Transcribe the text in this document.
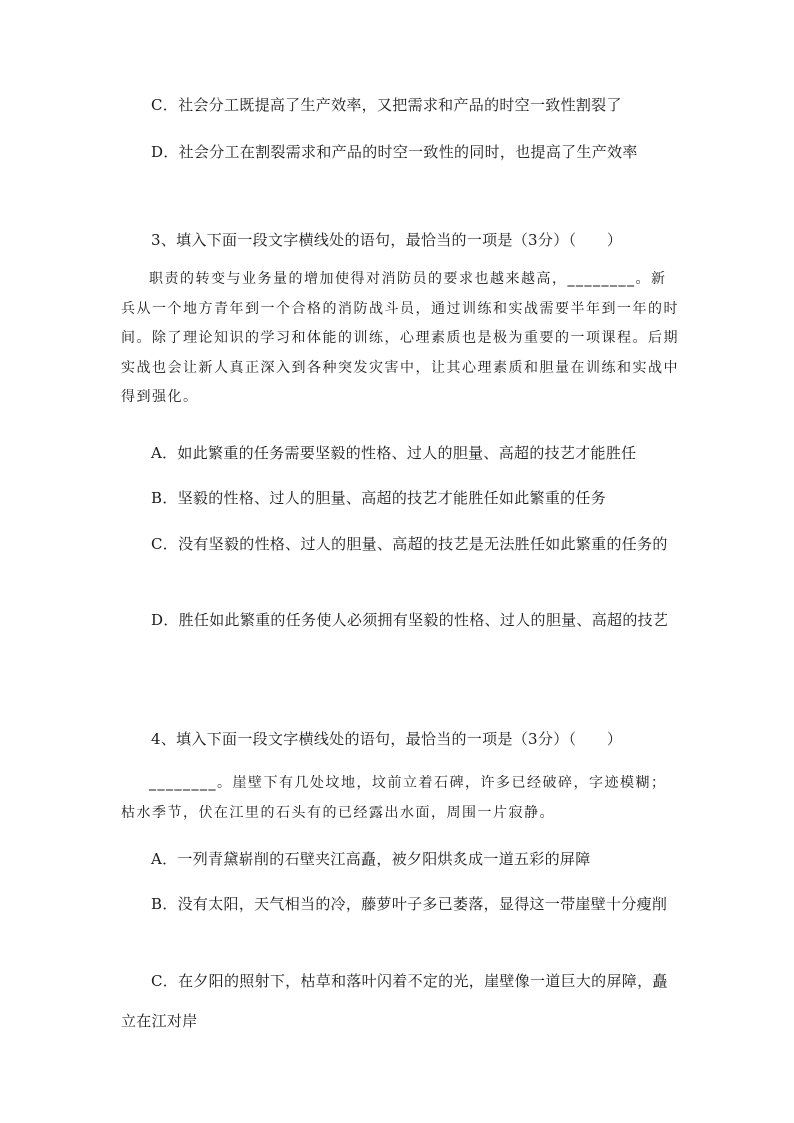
C．社会分工既提高了生产效率，又把需求和产品的时空一致性割裂了
D．社会分工在割裂需求和产品的时空一致性的同时，也提高了生产效率
3、填入下面一段文字横线处的语句，最恰当的一项是（3分）（　　）
职责的转变与业务量的增加使得对消防员的要求也越来越高，________。新兵从一个地方青年到一个合格的消防战斗员，通过训练和实战需要半年到一年的时间。除了理论知识的学习和体能的训练，心理素质也是极为重要的一项课程。后期实战也会让新人真正深入到各种突发灾害中，让其心理素质和胆量在训练和实战中得到强化。
A．如此繁重的任务需要坚毅的性格、过人的胆量、高超的技艺才能胜任
B．坚毅的性格、过人的胆量、高超的技艺才能胜任如此繁重的任务
C．没有坚毅的性格、过人的胆量、高超的技艺是无法胜任如此繁重的任务的
D．胜任如此繁重的任务使人必须拥有坚毅的性格、过人的胆量、高超的技艺
4、填入下面一段文字横线处的语句，最恰当的一项是（3分）（　　）
________。崖壁下有几处坟地，坟前立着石碑，许多已经破碎，字迹模糊；枯水季节，伏在江里的石头有的已经露出水面，周围一片寂静。
A．一列青黛崭削的石壁夹江高矗，被夕阳烘炙成一道五彩的屏障
B．没有太阳，天气相当的冷，藤萝叶子多已萎落，显得这一带崖壁十分瘦削
C．在夕阳的照射下，枯草和落叶闪着不定的光，崖壁像一道巨大的屏障，矗立在江对岸
